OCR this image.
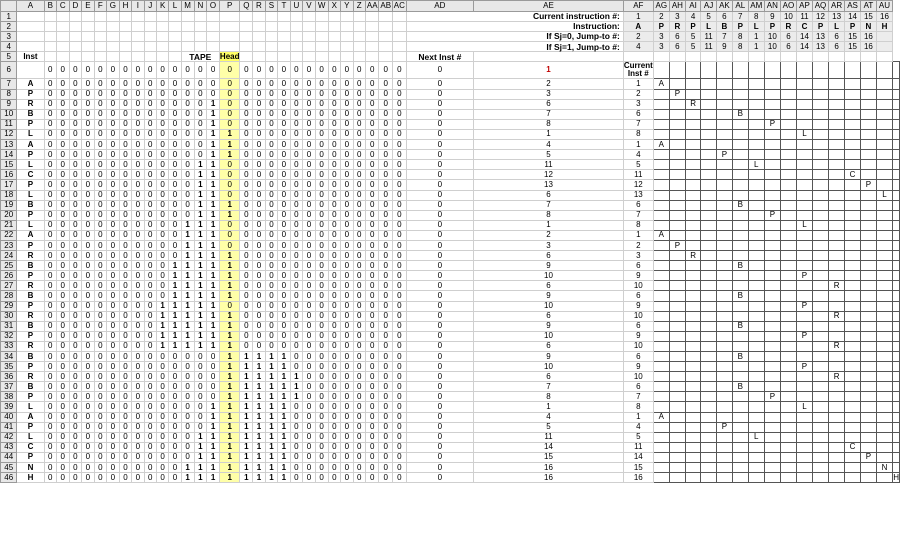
	A	B	C	D	E	F	G	H	I	J	K	L	M	N	O	P	Q	R	S	T	U	V	W	X	Y	Z	AA	AB	AC	AD	AE	AF	AG	AH	AI	AJ	AK	AL	AM	AN	AO	AP	AQ	AR	AS	AT	AU	
1																														Current instruction #:		1	2	3	4	5	6	7	8	9	10	11	12	13	14	15	16	
2																														Instruction:		A	P	R	P	L	B	P	L	P	R	C	P	L	P	N	H	
3																														If Sj=0, Jump-to #:		2	3	6	5	11	7	8	1	10	6	14	13	6	15	16		
4																														If Sj=1, Jump-to #:		4	3	6	5	11	9	8	1	10	6	14	13	6	15	16		
5	Inst												TAPE			Head														Next Inst #																		
6		0	0	0	0	0	0	0	0	0	0	0	0	0	0	0	0	0	0	0	0	0	0	0	0	0	0	0	0	0	1	Current Inst #																
7	A	0	0	0	0	0	0	0	0	0	0	0	0	0	0	0	0	0	0	0	0	0	0	0	0	0	0	0	0	0	2	1	A															
8	P	0	0	0	0	0	0	0	0	0	0	0	0	0	0	0	0	0	0	0	0	0	0	0	0	0	0	0	0	0	3	2		P														
9	R	0	0	0	0	0	0	0	0	0	0	0	0	0	1	0	0	0	0	0	0	0	0	0	0	0	0	0	0	0	6	3			R													
10	B	0	0	0	0	0	0	0	0	0	0	0	0	0	1	0	0	0	0	0	0	0	0	0	0	0	0	0	0	0	7	6						B										
11	P	0	0	0	0	0	0	0	0	0	0	0	0	0	1	0	0	0	0	0	0	0	0	0	0	0	0	0	0	0	8	7								P								
12	L	0	0	0	0	0	0	0	0	0	0	0	0	0	1	1	0	0	0	0	0	0	0	0	0	0	0	0	0	0	1	8										L						
13	A	0	0	0	0	0	0	0	0	0	0	0	0	0	1	1	0	0	0	0	0	0	0	0	0	0	0	0	0	0	4	1	A															
14	P	0	0	0	0	0	0	0	0	0	0	0	0	0	1	1	0	0	0	0	0	0	0	0	0	0	0	0	0	0	5	4					P											
15	L	0	0	0	0	0	0	0	0	0	0	0	0	1	1	0	0	0	0	0	0	0	0	0	0	0	0	0	0	0	11	5							L									
16	C	0	0	0	0	0	0	0	0	0	0	0	0	1	1	0	0	0	0	0	0	0	0	0	0	0	0	0	0	0	12	11													C			
17	P	0	0	0	0	0	0	0	0	0	0	0	0	1	1	0	0	0	0	0	0	0	0	0	0	0	0	0	0	0	13	12														P		
18	L	0	0	0	0	0	0	0	0	0	0	0	0	1	1	0	0	0	0	0	0	0	0	0	0	0	0	0	0	0	6	13															L	
19	B	0	0	0	0	0	0	0	0	0	0	0	0	1	1	1	0	0	0	0	0	0	0	0	0	0	0	0	0	0	7	6						B										
20	P	0	0	0	0	0	0	0	0	0	0	0	0	1	1	1	0	0	0	0	0	0	0	0	0	0	0	0	0	0	8	7								P								
21	L	0	0	0	0	0	0	0	0	0	0	0	1	1	1	0	0	0	0	0	0	0	0	0	0	0	0	0	0	0	1	8										L						
22	A	0	0	0	0	0	0	0	0	0	0	0	1	1	1	0	0	0	0	0	0	0	0	0	0	0	0	0	0	0	2	1	A															
23	P	0	0	0	0	0	0	0	0	0	0	0	1	1	1	0	0	0	0	0	0	0	0	0	0	0	0	0	0	0	3	2		P														
24	R	0	0	0	0	0	0	0	0	0	0	0	1	1	1	1	0	0	0	0	0	0	0	0	0	0	0	0	0	0	6	3			R													
25	B	0	0	0	0	0	0	0	0	0	0	1	1	1	1	1	0	0	0	0	0	0	0	0	0	0	0	0	0	0	9	6						B										
26	P	0	0	0	0	0	0	0	0	0	0	1	1	1	1	1	0	0	0	0	0	0	0	0	0	0	0	0	0	0	10	9										P						
27	R	0	0	0	0	0	0	0	0	0	0	1	1	1	1	1	0	0	0	0	0	0	0	0	0	0	0	0	0	0	6	10												R				
28	B	0	0	0	0	0	0	0	0	0	0	1	1	1	1	1	0	0	0	0	0	0	0	0	0	0	0	0	0	0	9	6						B										
29	P	0	0	0	0	0	0	0	0	0	1	1	1	1	1	0	0	0	0	0	0	0	0	0	0	0	0	0	0	0	10	9										P						
30	R	0	0	0	0	0	0	0	0	0	1	1	1	1	1	1	0	0	0	0	0	0	0	0	0	0	0	0	0	0	6	10												R				
31	B	0	0	0	0	0	0	0	0	0	1	1	1	1	1	1	0	0	0	0	0	0	0	0	0	0	0	0	0	0	9	6						B										
32	P	0	0	0	0	0	0	0	0	0	1	1	1	1	1	1	0	0	0	0	0	0	0	0	0	0	0	0	0	0	10	9										P						
33	R	0	0	0	0	0	0	0	0	0	1	1	1	1	1	1	0	0	0	0	0	0	0	0	0	0	0	0	0	0	6	10												R				
34	B	0	0	0	0	0	0	0	0	0	0	0	0	0	0	1	1	1	1	1	0	0	0	0	0	0	0	0	0	0	9	6						B										
35	P	0	0	0	0	0	0	0	0	0	0	0	0	0	0	1	1	1	1	1	0	0	0	0	0	0	0	0	0	0	10	9										P						
36	R	0	0	0	0	0	0	0	0	0	0	0	0	0	0	1	1	1	1	1	1	0	0	0	0	0	0	0	0	0	6	10												R				
37	B	0	0	0	0	0	0	0	0	0	0	0	0	0	0	1	1	1	1	1	1	0	0	0	0	0	0	0	0	0	7	6						B										
38	P	0	0	0	0	0	0	0	0	0	0	0	0	0	0	1	1	1	1	1	1	0	0	0	0	0	0	0	0	0	8	7								P								
39	L	0	0	0	0	0	0	0	0	0	0	0	0	0	1	1	1	1	1	1	0	0	0	0	0	0	0	0	0	0	1	8										L						
40	A	0	0	0	0	0	0	0	0	0	0	0	0	0	1	1	1	1	1	1	0	0	0	0	0	0	0	0	0	0	4	1	A															
41	P	0	0	0	0	0	0	0	0	0	0	0	0	0	1	1	1	1	1	1	0	0	0	0	0	0	0	0	0	0	5	4					P											
42	L	0	0	0	0	0	0	0	0	0	0	0	0	1	1	1	1	1	1	1	0	0	0	0	0	0	0	0	0	0	11	5							L									
43	C	0	0	0	0	0	0	0	0	0	0	0	0	1	1	1	1	1	1	1	0	0	0	0	0	0	0	0	0	0	14	11													C			
44	P	0	0	0	0	0	0	0	0	0	0	0	0	1	1	1	1	1	1	1	0	0	0	0	0	0	0	0	0	0	15	14														P		
45	N	0	0	0	0	0	0	0	0	0	0	0	1	1	1	1	1	1	1	1	0	0	0	0	0	0	0	0	0	0	16	15															N	
46	H	0	0	0	0	0	0	0	0	0	0	0	1	1	1	1	1	1	1	1	0	0	0	0	0	0	0	0	0	0	16	16																H
